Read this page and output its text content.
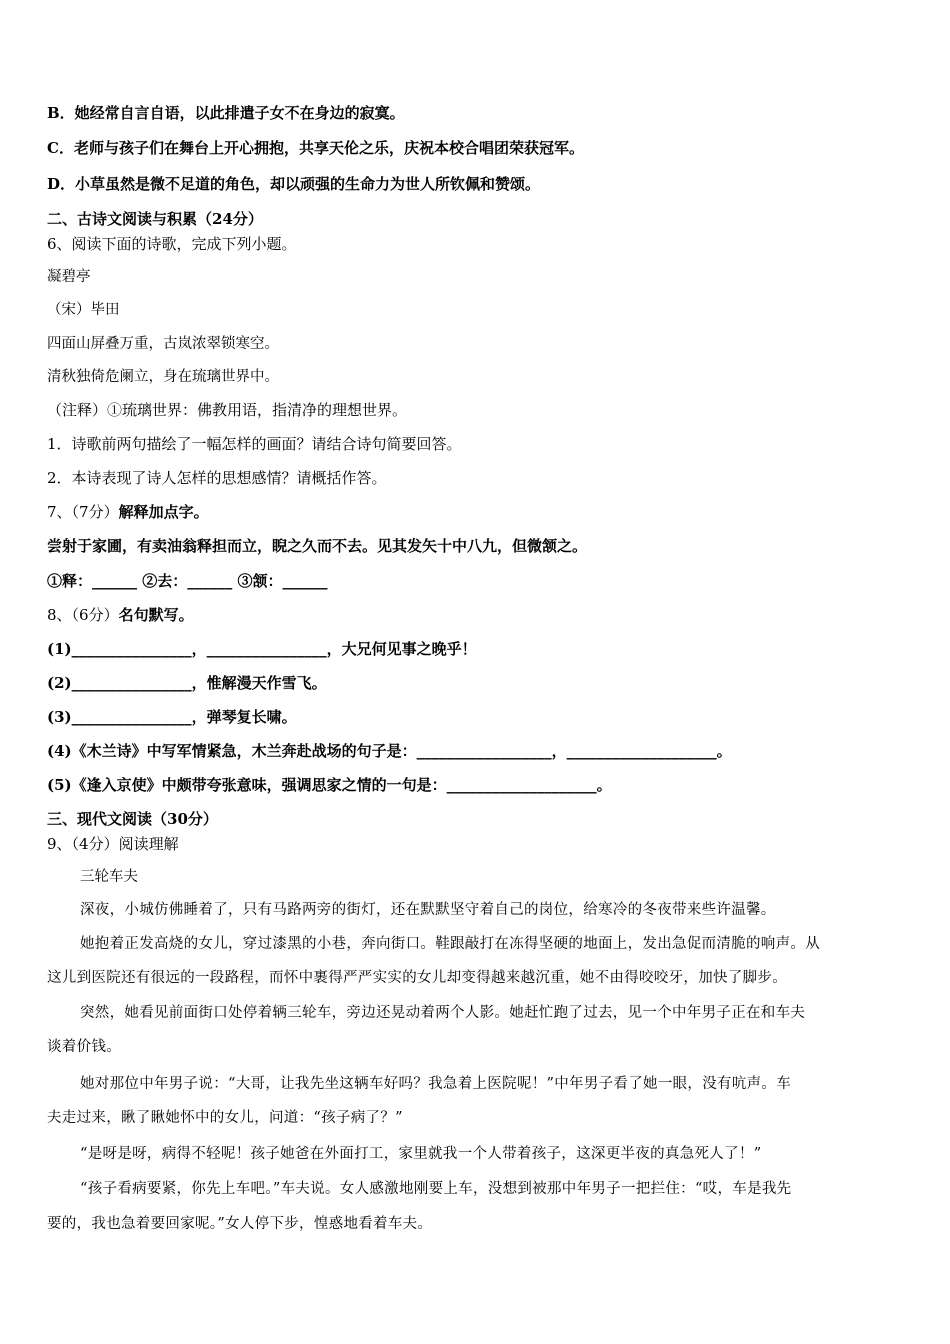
B．她经常自言自语，以此排遣子女不在身边的寂寞。
C．老师与孩子们在舞台上开心拥抱，共享天伦之乐，庆祝本校合唱团荣获冠军。
D．小草虽然是微不足道的角色，却以顽强的生命力为世人所钦佩和赞颂。
二、古诗文阅读与积累（24分）
6、阅读下面的诗歌，完成下列小题。
凝碧亭
（宋）毕田
四面山屏叠万重，古岚浓翠锁寒空。
清秋独倚危阑立，身在琉璃世界中。
（注释）①琉璃世界：佛教用语，指清净的理想世界。
1．诗歌前两句描绘了一幅怎样的画面？请结合诗句简要回答。
2．本诗表现了诗人怎样的思想感情？请概括作答。
7、（7分）解释加点字。
尝射于家圃，有卖油翁释担而立，睨之久而不去。见其发矢十中八九，但微颔之。
①释：______ ②去：______ ③颔：______
8、（6分）名句默写。
(1)________________，________________，大兄何见事之晚乎！
(2)________________，惟解漫天作雪飞。
(3)________________，弹琴复长啸。
(4)《木兰诗》中写军情紧急，木兰奔赴战场的句子是：__________________，____________________。
(5)《逢入京使》中颇带夸张意味，强调思家之情的一句是：____________________。
三、现代文阅读（30分）
9、（4分）阅读理解
三轮车夫
深夜，小城仿佛睡着了，只有马路两旁的街灯，还在默默坚守着自己的岗位，给寒冷的冬夜带来些许温馨。
她抱着正发高烧的女儿，穿过漆黑的小巷，奔向街口。鞋跟敲打在冻得坚硬的地面上，发出急促而清脆的响声。从
这儿到医院还有很远的一段路程，而怀中裹得严严实实的女儿却变得越来越沉重，她不由得咬咬牙，加快了脚步。
突然，她看见前面街口处停着辆三轮车，旁边还晃动着两个人影。她赶忙跑了过去，见一个中年男子正在和车夫
谈着价钱。
她对那位中年男子说：“大哥，让我先坐这辆车好吗？我急着上医院呢！”中年男子看了她一眼，没有吭声。车
夫走过来，瞅了瞅她怀中的女儿，问道：“孩子病了？”
“是呀是呀，病得不轻呢！孩子她爸在外面打工，家里就我一个人带着孩子，这深更半夜的真急死人了！”
“孩子看病要紧，你先上车吧。”车夫说。女人感激地刚要上车，没想到被那中年男子一把拦住：“哎，车是我先
要的，我也急着要回家呢。”女人停下步，惶惑地看着车夫。
